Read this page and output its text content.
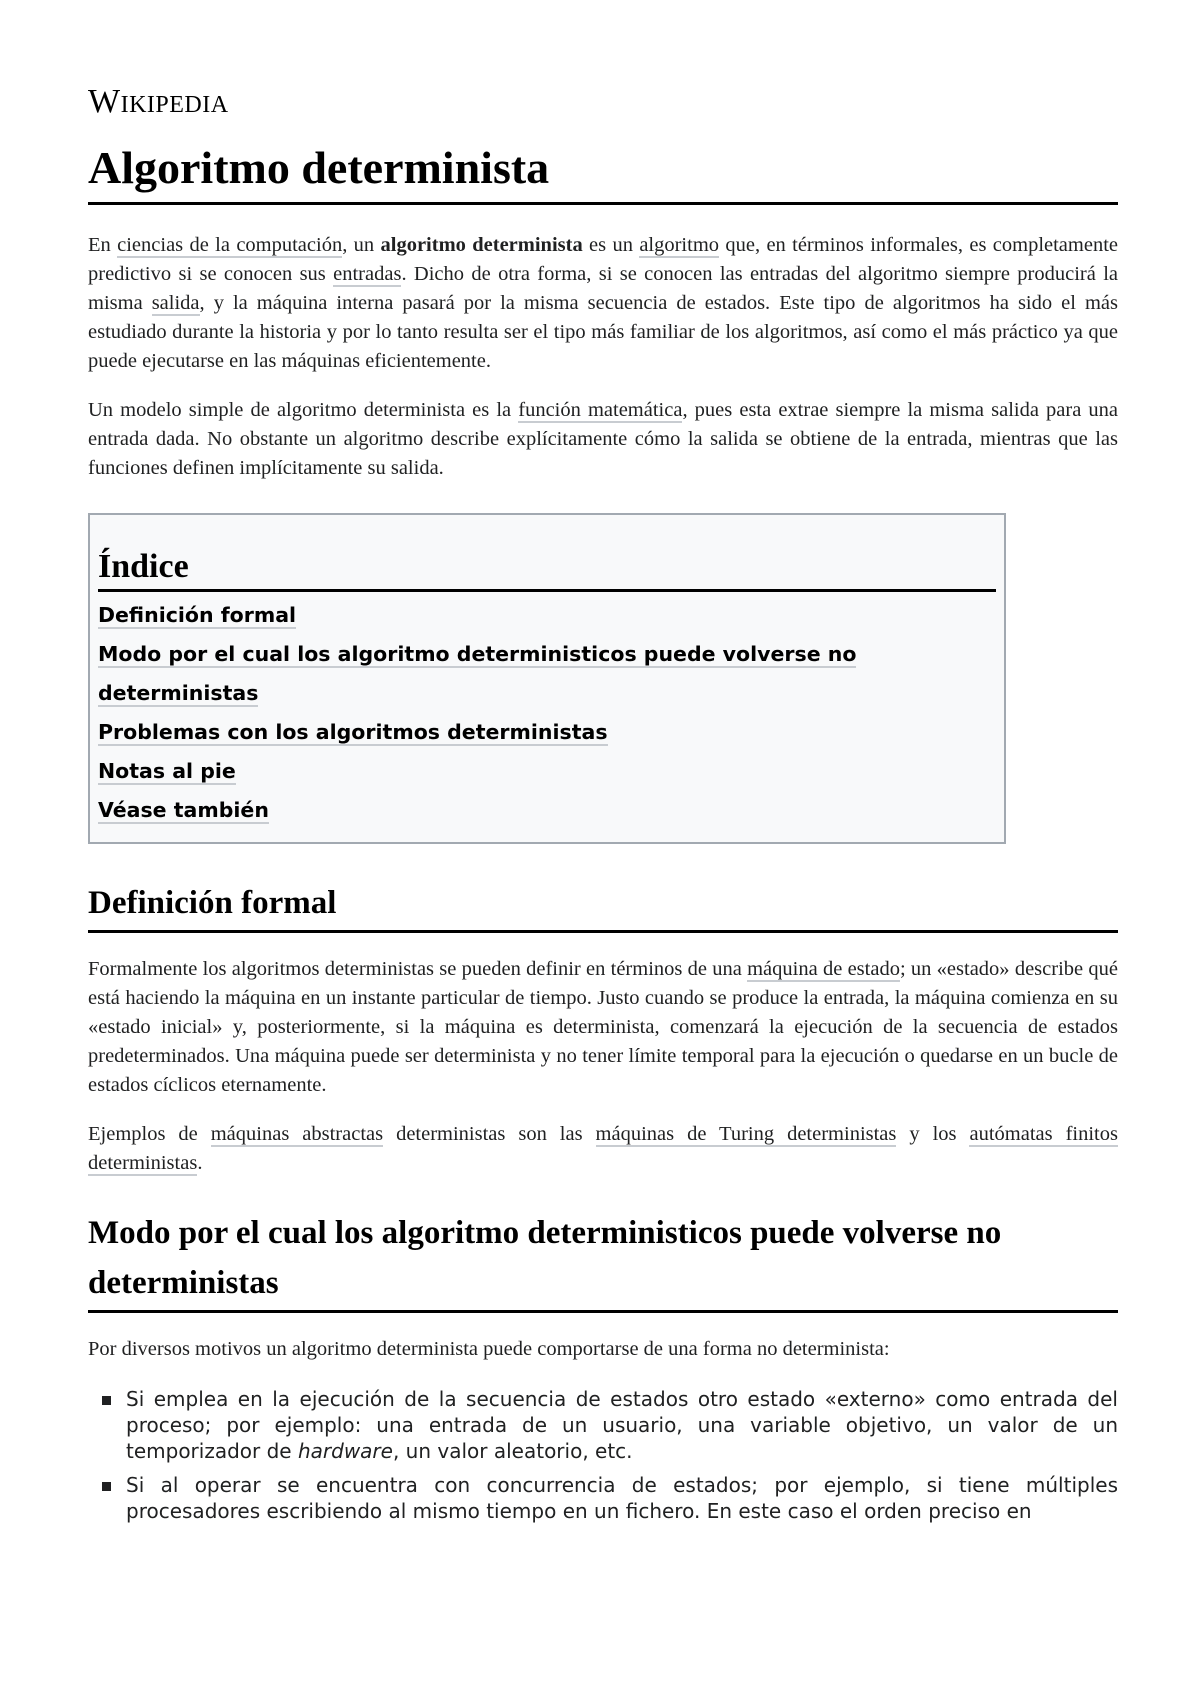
Wikipedia
Algoritmo determinista

En ciencias de la computación, un algoritmo determinista es un algoritmo que, en términos informales, es completamente predictivo si se conocen sus entradas. Dicho de otra forma, si se conocen las entradas del algoritmo siempre producirá la misma salida, y la máquina interna pasará por la misma secuencia de estados. Este tipo de algoritmos ha sido el más estudiado durante la historia y por lo tanto resulta ser el tipo más familiar de los algoritmos, así como el más práctico ya que puede ejecutarse en las máquinas eficientemente.

Un modelo simple de algoritmo determinista es la función matemática, pues esta extrae siempre la misma salida para una entrada dada. No obstante un algoritmo describe explícitamente cómo la salida se obtiene de la entrada, mientras que las funciones definen implícitamente su salida.

Índice
Definición formal
Modo por el cual los algoritmo deterministicos puede volverse no deterministas
Problemas con los algoritmos deterministas
Notas al pie
Véase también
Definición formal

Formalmente los algoritmos deterministas se pueden definir en términos de una máquina de estado; un «estado» describe qué está haciendo la máquina en un instante particular de tiempo. Justo cuando se produce la entrada, la máquina comienza en su «estado inicial» y, posteriormente, si la máquina es determinista, comenzará la ejecución de la secuencia de estados predeterminados. Una máquina puede ser determinista y no tener límite temporal para la ejecución o quedarse en un bucle de estados cíclicos eternamente.

Ejemplos de máquinas abstractas deterministas son las máquinas de Turing deterministas y los autómatas finitos deterministas.

Modo por el cual los algoritmo deterministicos puede volverse no deterministas

Por diversos motivos un algoritmo determinista puede comportarse de una forma no determinista:

Si emplea en la ejecución de la secuencia de estados otro estado «externo» como entrada del proceso; por ejemplo: una entrada de un usuario, una variable objetivo, un valor de un temporizador de hardware, un valor aleatorio, etc.
Si al operar se encuentra con concurrencia de estados; por ejemplo, si tiene múltiples procesadores escribiendo al mismo tiempo en un fichero. En este caso el orden preciso en
